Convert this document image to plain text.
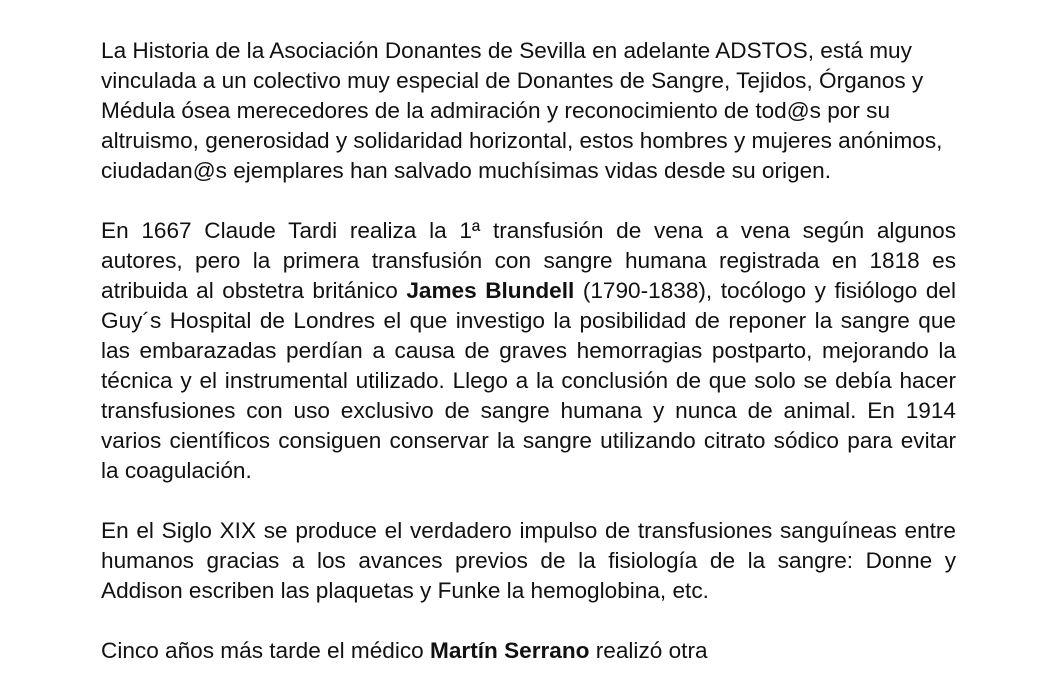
La Historia de la Asociación Donantes de Sevilla en adelante ADSTOS, está muy vinculada a un colectivo muy especial de Donantes de Sangre, Tejidos, Órganos y Médula ósea merecedores de la admiración y reconocimiento de tod@s por su altruismo, generosidad y solidaridad horizontal, estos hombres y mujeres anónimos, ciudadan@s ejemplares han salvado muchísimas vidas desde su origen.

En 1667 Claude Tardi realiza la 1ª transfusión de vena a vena según algunos autores, pero la primera transfusión con sangre humana registrada en 1818 es atribuida al obstetra británico James Blundell (1790-1838), tocólogo y fisiólogo del Guy´s Hospital de Londres el que investigo la posibilidad de reponer la sangre que las embarazadas perdían a causa de graves hemorragias postparto, mejorando la técnica y el instrumental utilizado. Llego a la conclusión de que solo se debía hacer transfusiones con uso exclusivo de sangre humana y nunca de animal. En 1914 varios científicos consiguen conservar la sangre utilizando citrato sódico para evitar la coagulación.

En el Siglo XIX se produce el verdadero impulso de transfusiones sanguíneas entre humanos gracias a los avances previos de la fisiología de la sangre: Donne y Addison escriben las plaquetas y Funke la hemoglobina, etc.

Cinco años más tarde el médico Martín Serrano realizó otra
